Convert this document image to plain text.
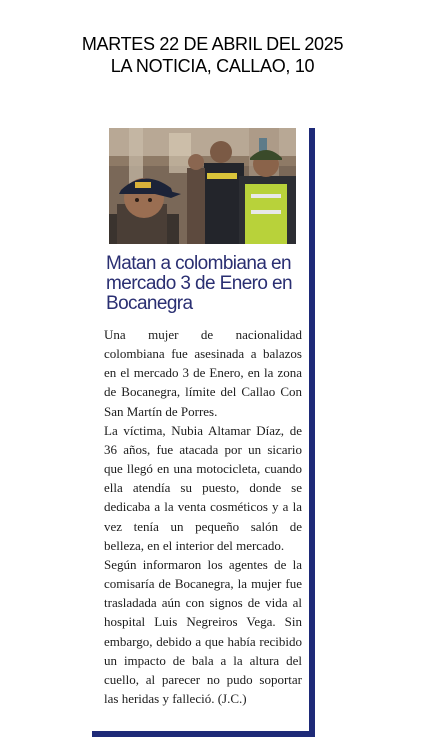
MARTES 22 DE ABRIL DEL 2025
LA NOTICIA, CALLAO, 10
Matan a colombiana en mercado 3 de Enero en Bocanegra

Una mujer de nacionalidad colombiana fue asesinada a balazos en el mercado 3 de Enero, en la zona de Bocanegra, límite del Callao Con San Martín de Porres.

La víctima, Nubia Altamar Díaz, de 36 años, fue atacada por un sicario que llegó en una motocicleta, cuando ella atendía su puesto, donde se dedicaba a la venta cosméticos y a la vez tenía un pequeño salón de belleza, en el interior del mercado.

Según informaron los agentes de la comisaría de Bocanegra, la mujer fue trasladada aún con signos de vida al hospital Luis Negreiros Vega. Sin embargo, debido a que había recibido un impacto de bala a la altura del cuello, al parecer no pudo soportar las heridas y falleció. (J.C.)
